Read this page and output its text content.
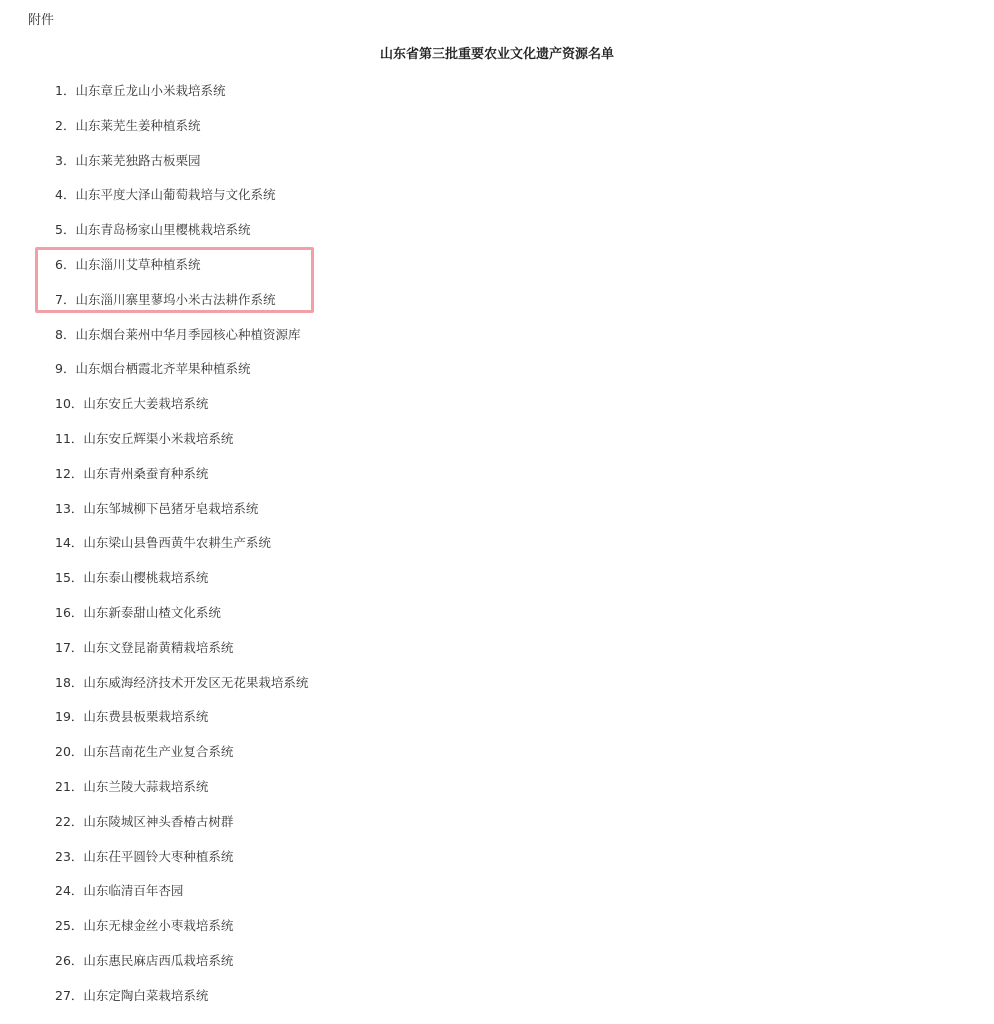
附件
山东省第三批重要农业文化遗产资源名单
1．山东章丘龙山小米栽培系统
2．山东莱芜生姜种植系统
3．山东莱芜独路古板栗园
4．山东平度大泽山葡萄栽培与文化系统
5．山东青岛杨家山里樱桃栽培系统
6．山东淄川艾草种植系统
7．山东淄川寨里蓼坞小米古法耕作系统
8．山东烟台莱州中华月季园核心种植资源库
9．山东烟台栖霞北齐苹果种植系统
10．山东安丘大姜栽培系统
11．山东安丘辉渠小米栽培系统
12．山东青州桑蚕育种系统
13．山东邹城柳下邑猪牙皂栽培系统
14．山东梁山县鲁西黄牛农耕生产系统
15．山东泰山樱桃栽培系统
16．山东新泰甜山楂文化系统
17．山东文登昆嵛黄精栽培系统
18．山东威海经济技术开发区无花果栽培系统
19．山东费县板栗栽培系统
20．山东莒南花生产业复合系统
21．山东兰陵大蒜栽培系统
22．山东陵城区神头香椿古树群
23．山东茌平圆铃大枣种植系统
24．山东临清百年杏园
25．山东无棣金丝小枣栽培系统
26．山东惠民麻店西瓜栽培系统
27．山东定陶白菜栽培系统
